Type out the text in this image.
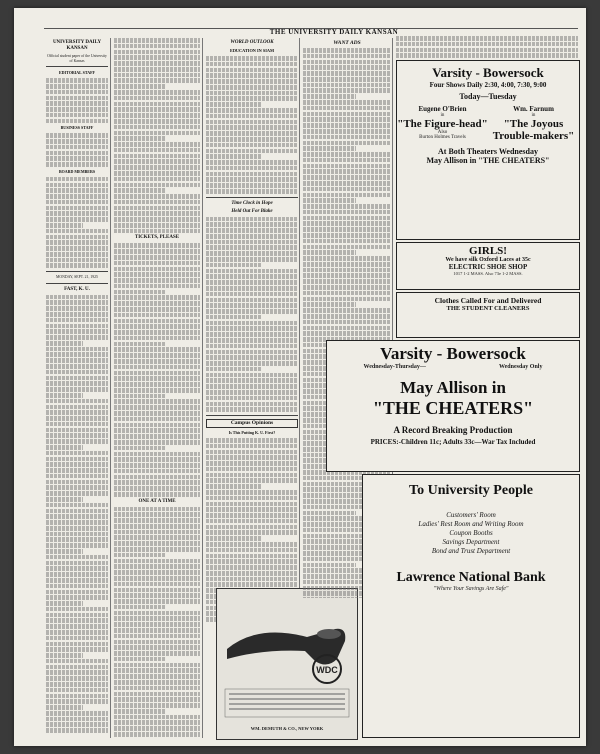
THE UNIVERSITY DAILY KANSAN
UNIVERSITY DAILY KANSAN
Official student paper of the University of Kansas
EDITORIAL STAFF
BUSINESS STAFF
BOARD MEMBERS
MONDAY, SEPT. 21, 1925
FAST, K. U.
TICKETS, PLEASE
ONE AT A TIME
WORLD OUTLOOK
EDUCATION IN SIAM
Time Clock in Hope
Held Out For Blake
Campus Opinions
Is This Putting K. U. First?
WDC
WM. DEMUTH & CO., NEW YORK
WANT ADS
Varsity - Bowersock
Four Shows Daily 2:30, 4:00, 7:30, 9:00
Today—Tuesday
Eugene O'Brien
in
"The Figure-head"
Also
Burton Holmes Travels
Wm. Farnum
in
"The Joyous Trouble-makers"
At Both Theaters Wednesday
May Allison in "THE CHEATERS"
GIRLS!
We have silk Oxford Laces at 35c
ELECTRIC SHOE SHOP
1017 1-2 MASS. Also 73e 1-2 MASS.
Clothes Called For and Delivered
THE STUDENT CLEANERS
Varsity - Bowersock
Wednesday-Thursday—	Wednesday Only
May Allison in
"THE CHEATERS"
A Record Breaking Production
PRICES:-Children 11c; Adults 33c—War Tax Included
To University People
Customers' Room
Ladies' Rest Room and Writing Room
Coupon Booths
Savings Department
Bond and Trust Department
Lawrence National Bank
"Where Your Savings Are Safe"
